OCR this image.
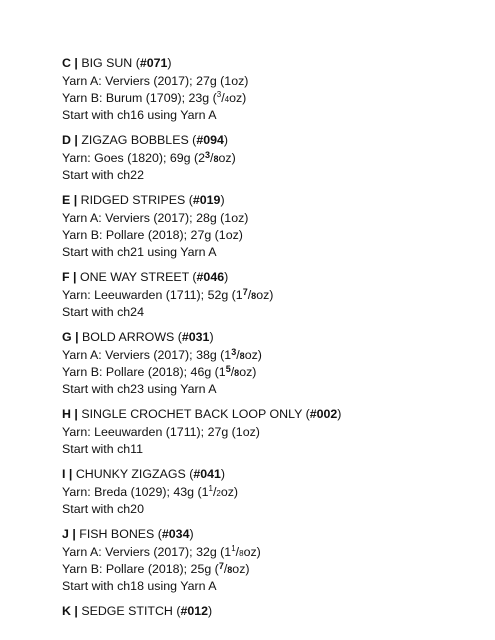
C | BIG SUN (#071)
Yarn A: Verviers (2017); 27g (1oz)
Yarn B: Burum (1709); 23g ($^3$/4oz)
Start with ch16 using Yarn A
D | ZIGZAG BOBBLES (#094)
Yarn: Goes (1820); 69g $(2^3/8oz)$
Start with ch22
E | RIDGED STRIPES (#019)
Yarn A: Verviers (2017); 28g (1oz)
Yarn B: Pollare (2018); 27g (1oz)
Start with ch21 using Yarn A
F | ONE WAY STREET (#046)
Yarn: Leeuwarden (1711); 52g $(1^7/8oz)$
Start with ch24
G | BOLD ARROWS (#031)
Yarn A: Verviers (2017); 38g $(1^3/8oz)$
Yarn B: Pollare (2018); 46g $(1^5/8oz)$
Start with ch23 using Yarn A
H | SINGLE CROCHET BACK LOOP ONLY (#002)
Yarn: Leeuwarden (1711); 27g (1oz)
Start with ch11
I | CHUNKY ZIGZAGS (#041)
Yarn: Breda (1029); 43g $(1^1/2oz)$
Start with ch20
J | FISH BONES (#034)
Yarn A: Verviers (2017); 32g $(1^1/8oz)$
Yarn B: Pollare (2018); 25g ($^7$/8oz)
Start with ch18 using Yarn A
K | SEDGE STITCH (#012)
